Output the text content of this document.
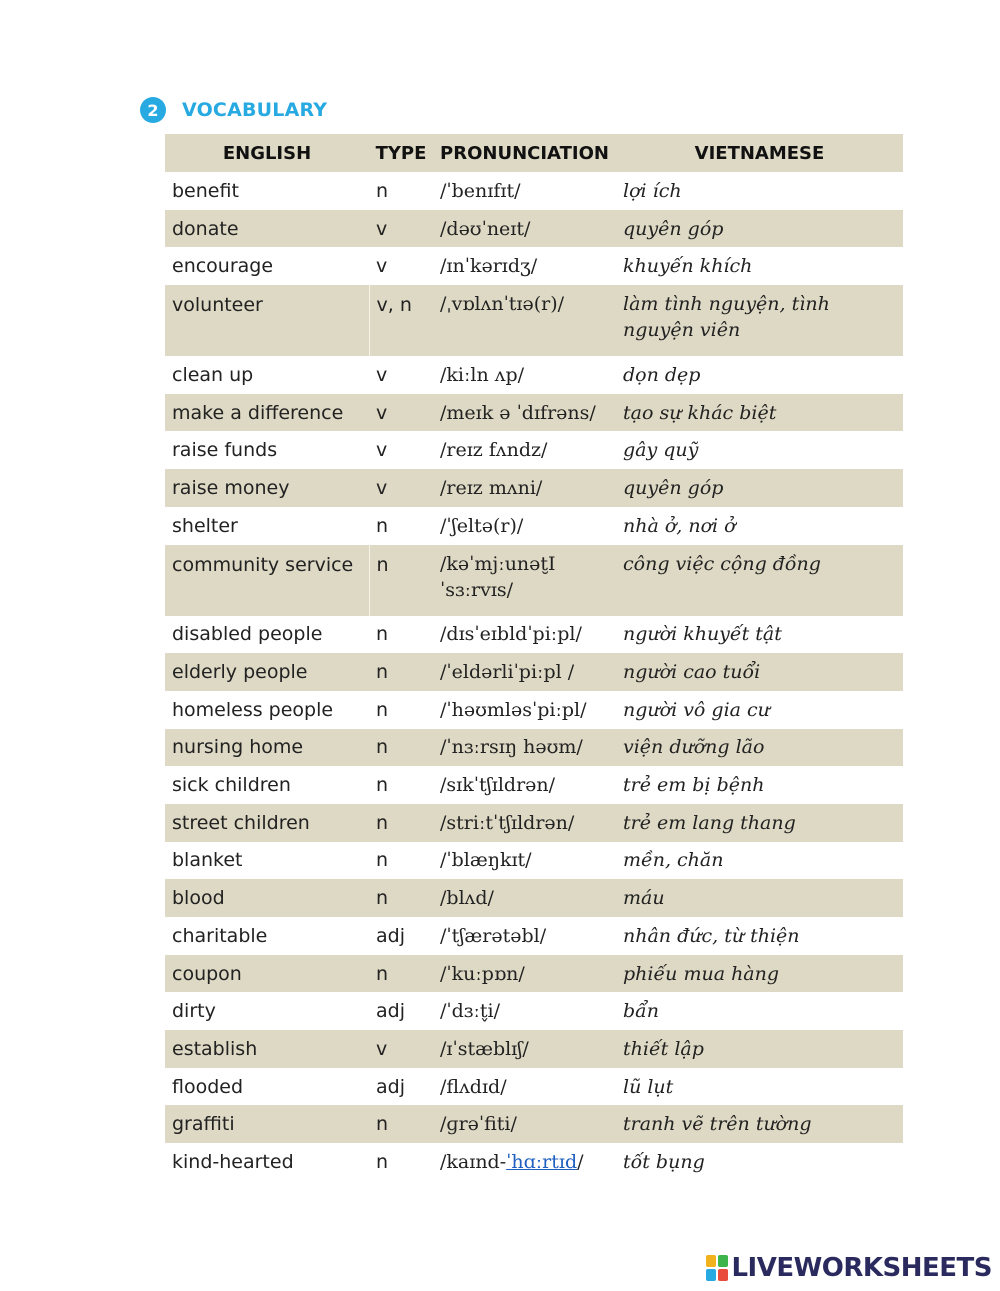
2	VOCABULARY
ENGLISH	TYPE	PRONUNCIATION	VIETNAMESE
benefit	n	/ˈbenɪfɪt/	lợi ích
donate	v	/dəʊˈneɪt/	quyên góp
encourage	v	/ɪnˈkərɪdʒ/	khuyến khích
volunteer	v, n	/ˌvɒlʌnˈtɪə(r)/	làm tình nguyện, tình nguyện viên
clean up	v	/kiːln ʌp/	dọn dẹp
make a difference	v	/meɪk ə ˈdɪfrəns/	tạo sự khác biệt
raise funds	v	/reɪz fʌndz/	gây quỹ
raise money	v	/reɪz mʌni/	quyên góp
shelter	n	/ˈʃeltə(r)/	nhà ở, nơi ở
community service	n	/kəˈmjːunət̮I ˈsɜːrvɪs/	công việc cộng đồng
disabled people	n	/dɪsˈeɪbldˈpiːpl/	người khuyết tật
elderly people	n	/ˈeldərliˈpiːpl /	người cao tuổi
homeless people	n	/ˈhəʊmləsˈpiːpl/	người vô gia cư
nursing home	n	/ˈnɜːrsɪŋ həʊm/	viện dưỡng lão
sick children	n	/sɪkˈtʃɪldrən/	trẻ em bị bệnh
street children	n	/striːtˈtʃɪldrən/	trẻ em lang thang
blanket	n	/ˈblæŋkɪt/	mền, chăn
blood	n	/blʌd/	máu
charitable	adj	/ˈtʃærətəbl/	nhân đức, từ thiện
coupon	n	/ˈkuːpɒn/	phiếu mua hàng
dirty	adj	/ˈdɜːt̬i/	bẩn
establish	v	/ɪˈstæblɪʃ/	thiết lập
flooded	adj	/flʌdɪd/	lũ lụt
graffiti	n	/ɡrəˈfiti/	tranh vẽ trên tường
kind-hearted	n	/kaɪnd-ˈhɑːrtɪd/	tốt bụng
LIVEWORKSHEETS
